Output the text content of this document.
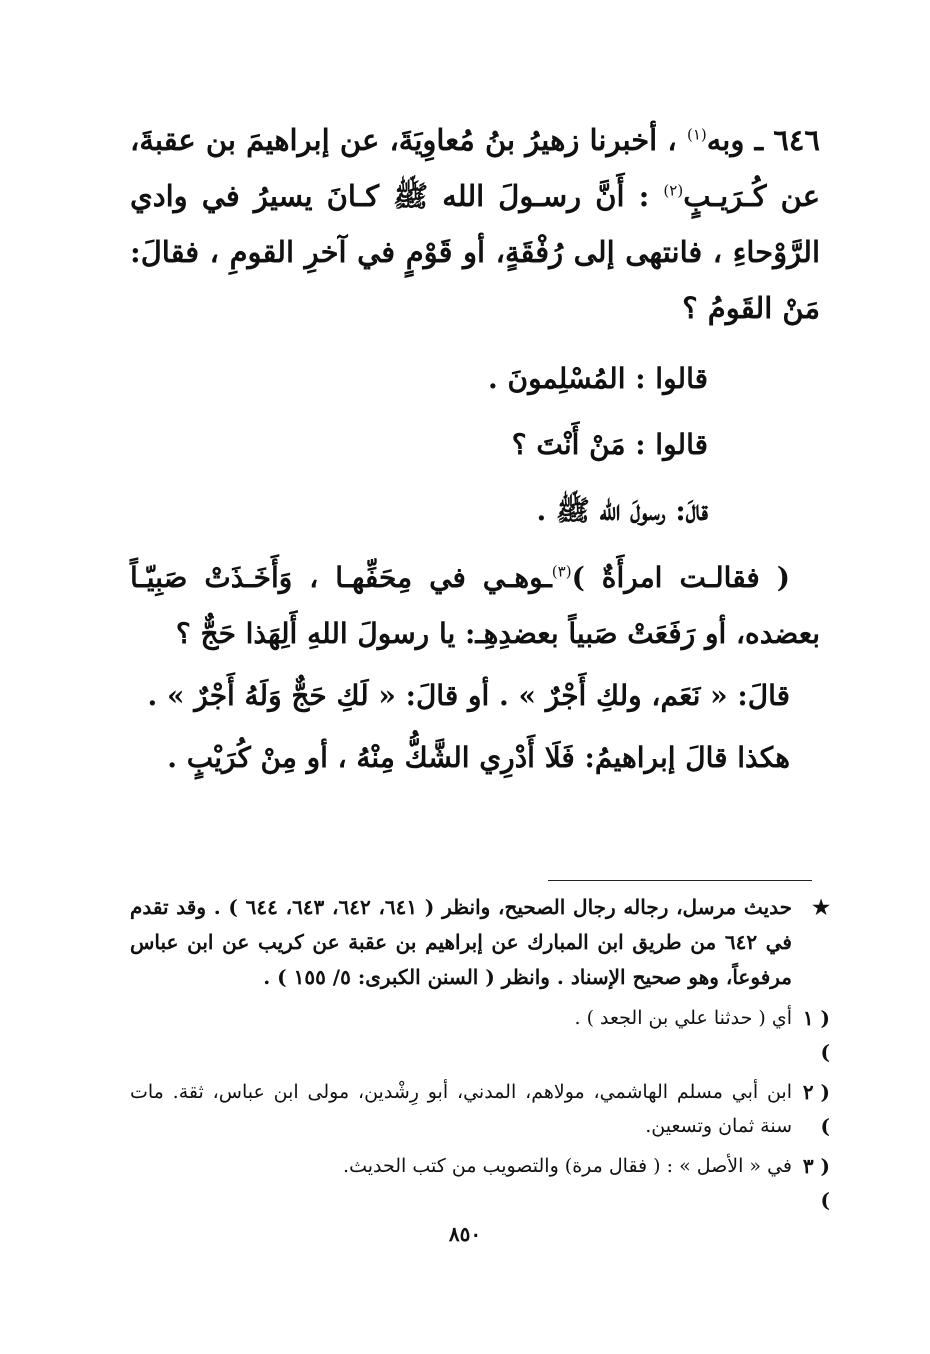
٦٤٦ ـ وبه$^{(١)}$ ، أخبرنا زهيرُ بنُ مُعاوِيَةَ، عن إبراهيمَ بن عقبةَ، عن كُـرَيـبٍ$^{(٢)}$ : أَنَّ رسـولَ الله ﷺ كـانَ يسيرُ في وادي الرَّوْحاءِ ، فانتهى إلى رُفْقَةٍ، أو قَوْمٍ في آخرِ القومِ ، فقالَ: مَنْ القَومُ ؟
قالوا : المُسْلِمونَ .
قالوا : مَنْ أَنْتَ ؟
قالَ: رسولَ الله ﷺ .
( فقالـت امرأَةٌ )$^{(٣)}$ـوهـي في مِحَفِّهـا ، وَأَخَـذَتْ صَبِيّـاً بعضده، أو رَفَعَتْ صَبياً بعضدِهِـ: يا رسولَ اللهِ أَلِهَذا حَجٌّ ؟
قالَ: « نَعَم، ولكِ أَجْرٌ » . أو قالَ: « لَكِ حَجٌّ وَلَهُ أَجْرٌ » .
هكذا قالَ إبراهيمُ: فَلَا أَدْرِي الشَّكُّ مِنْهُ ، أو مِنْ كُرَيْبٍ .
★
حديث مرسل، رجاله رجال الصحيح، وانظر ( ٦٤١، ٦٤٢، ٦٤٣، ٦٤٤ ) . وقد تقدم في ٦٤٢ من طريق ابن المبارك عن إبراهيم بن عقبة عن كريب عن ابن عباس مرفوعاً، وهو صحيح الإسناد . وانظر ( السنن الكبرى: ٥/ ١٥٥ ) .
( ١ )
أي ( حدثنا علي بن الجعد ) .
( ٢ )
ابن أبي مسلم الهاشمي، مولاهم، المدني، أبو رِشْدين، مولى ابن عباس، ثقة. مات سنة ثمان وتسعين.
( ٣ )
في « الأصل » : ( فقال مرة) والتصويب من كتب الحديث.
٨٥٠
